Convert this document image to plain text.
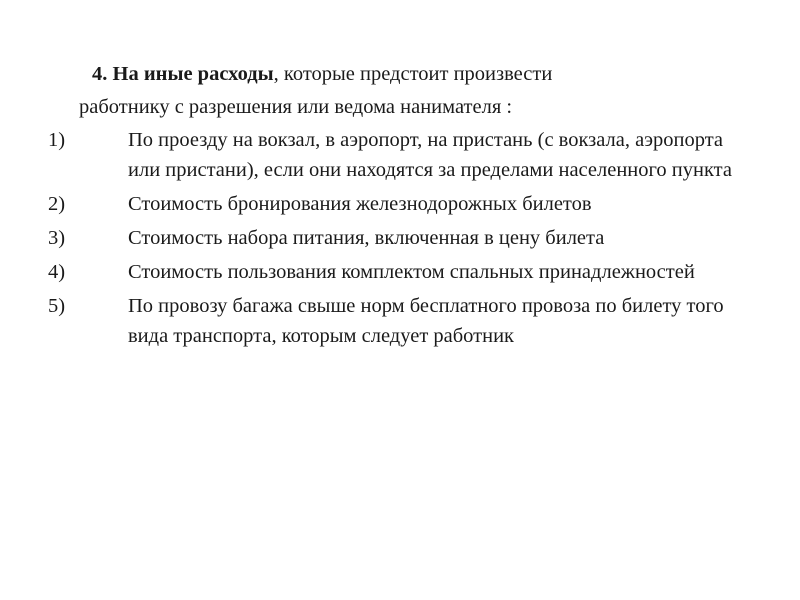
4. На иные расходы, которые предстоит произвести
работнику с разрешения или ведома нанимателя :
1)	По проезду на вокзал, в аэропорт, на пристань (с вокзала, аэропорта или пристани), если они находятся за пределами населенного пункта
2)	Стоимость бронирования железнодорожных билетов
3)	Стоимость набора питания, включенная в цену билета
4)	Стоимость пользования комплектом спальных принадлежностей
5)	По провозу багажа свыше норм бесплатного провоза по билету того вида транспорта, которым следует работник
